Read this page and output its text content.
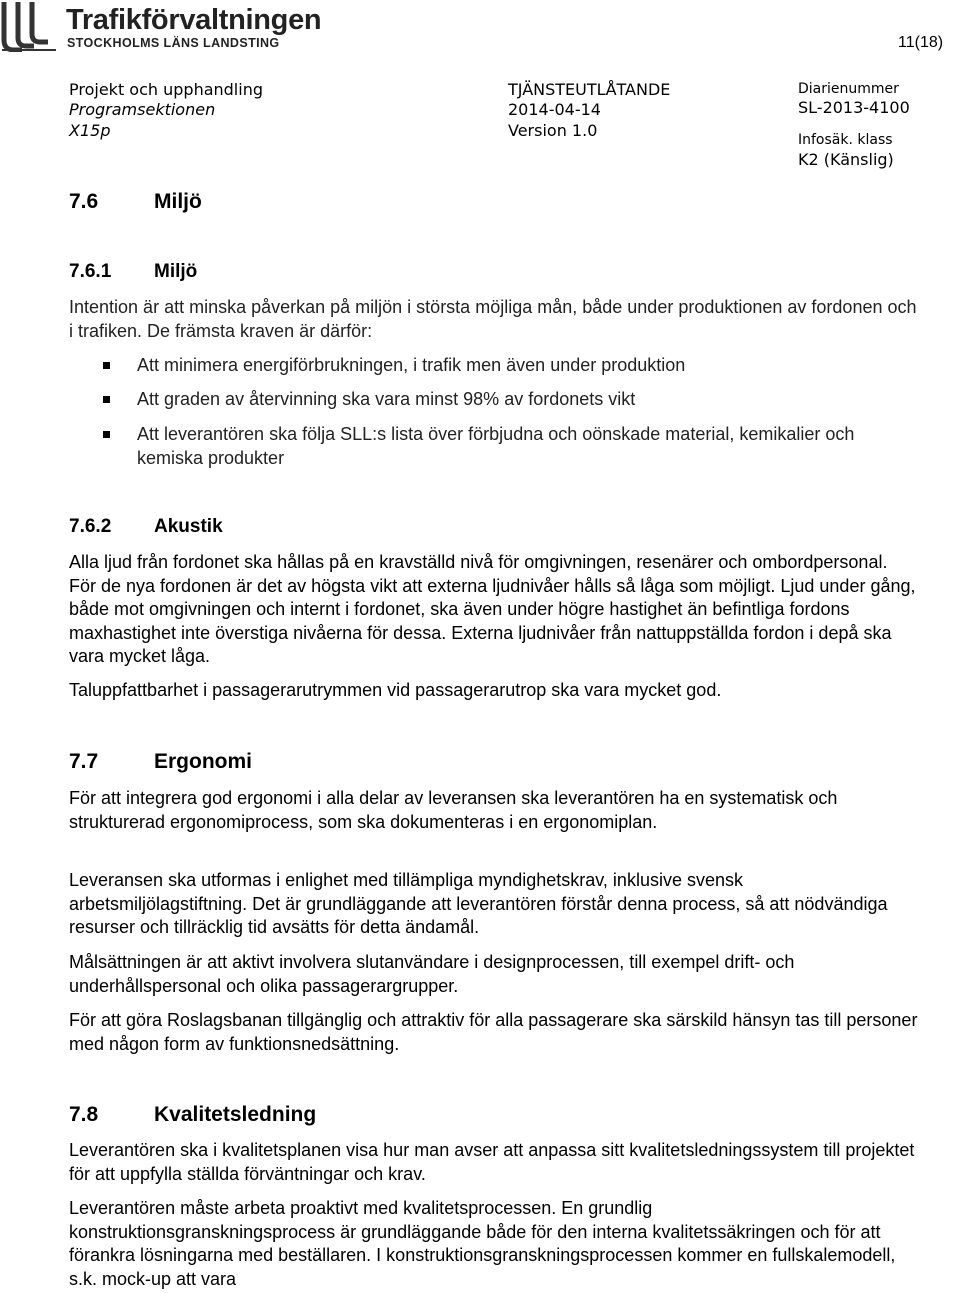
Trafikförvaltningen
STOCKHOLMS LÄNS LANDSTING	11(18)
Projekt och upphandling
Programsektionen
X15p
TJÄNSTEUTLÅTANDE
2014-04-14
Version 1.0
Diarienummer
SL-2013-4100
Infosäk. klass
K2 (Känslig)
7.6	Miljö
7.6.1 Miljö

Intention är att minska påverkan på miljön i största möjliga mån, både under produktionen av fordonen och i trafiken. De främsta kraven är därför:

Att minimera energiförbrukningen, i trafik men även under produktion

Att graden av återvinning ska vara minst 98% av fordonets vikt

Att leverantören ska följa SLL:s lista över förbjudna och oönskade material, kemikalier och kemiska produkter

7.6.2 Akustik

Alla ljud från fordonet ska hållas på en kravställd nivå för omgivningen, resenärer och ombordpersonal. För de nya fordonen är det av högsta vikt att externa ljudnivåer hålls så låga som möjligt. Ljud under gång, både mot omgivningen och internt i fordonet, ska även under högre hastighet än befintliga fordons maxhastighet inte överstiga nivåerna för dessa. Externa ljudnivåer från nattuppställda fordon i depå ska vara mycket låga.

Taluppfattbarhet i passagerarutrymmen vid passagerarutrop ska vara mycket god.

7.7	Ergonomi

För att integrera god ergonomi i alla delar av leveransen ska leverantören ha en systematisk och strukturerad ergonomiprocess, som ska dokumenteras i en ergonomiplan.

Leveransen ska utformas i enlighet med tillämpliga myndighetskrav, inklusive svensk arbetsmiljölagstiftning. Det är grundläggande att leverantören förstår denna process, så att nödvändiga resurser och tillräcklig tid avsätts för detta ändamål.

Målsättningen är att aktivt involvera slutanvändare i designprocessen, till exempel drift- och underhållspersonal och olika passagerargrupper.

För att göra Roslagsbanan tillgänglig och attraktiv för alla passagerare ska särskild hänsyn tas till personer med någon form av funktionsnedsättning.

7.8	Kvalitetsledning

Leverantören ska i kvalitetsplanen visa hur man avser att anpassa sitt kvalitetsledningssystem till projektet för att uppfylla ställda förväntningar och krav.

Leverantören måste arbeta proaktivt med kvalitetsprocessen. En grundlig konstruktionsgranskningsprocess är grundläggande både för den interna kvalitetssäkringen och för att förankra lösningarna med beställaren. I konstruktionsgranskningsprocessen kommer en fullskalemodell, s.k. mock-up att vara
